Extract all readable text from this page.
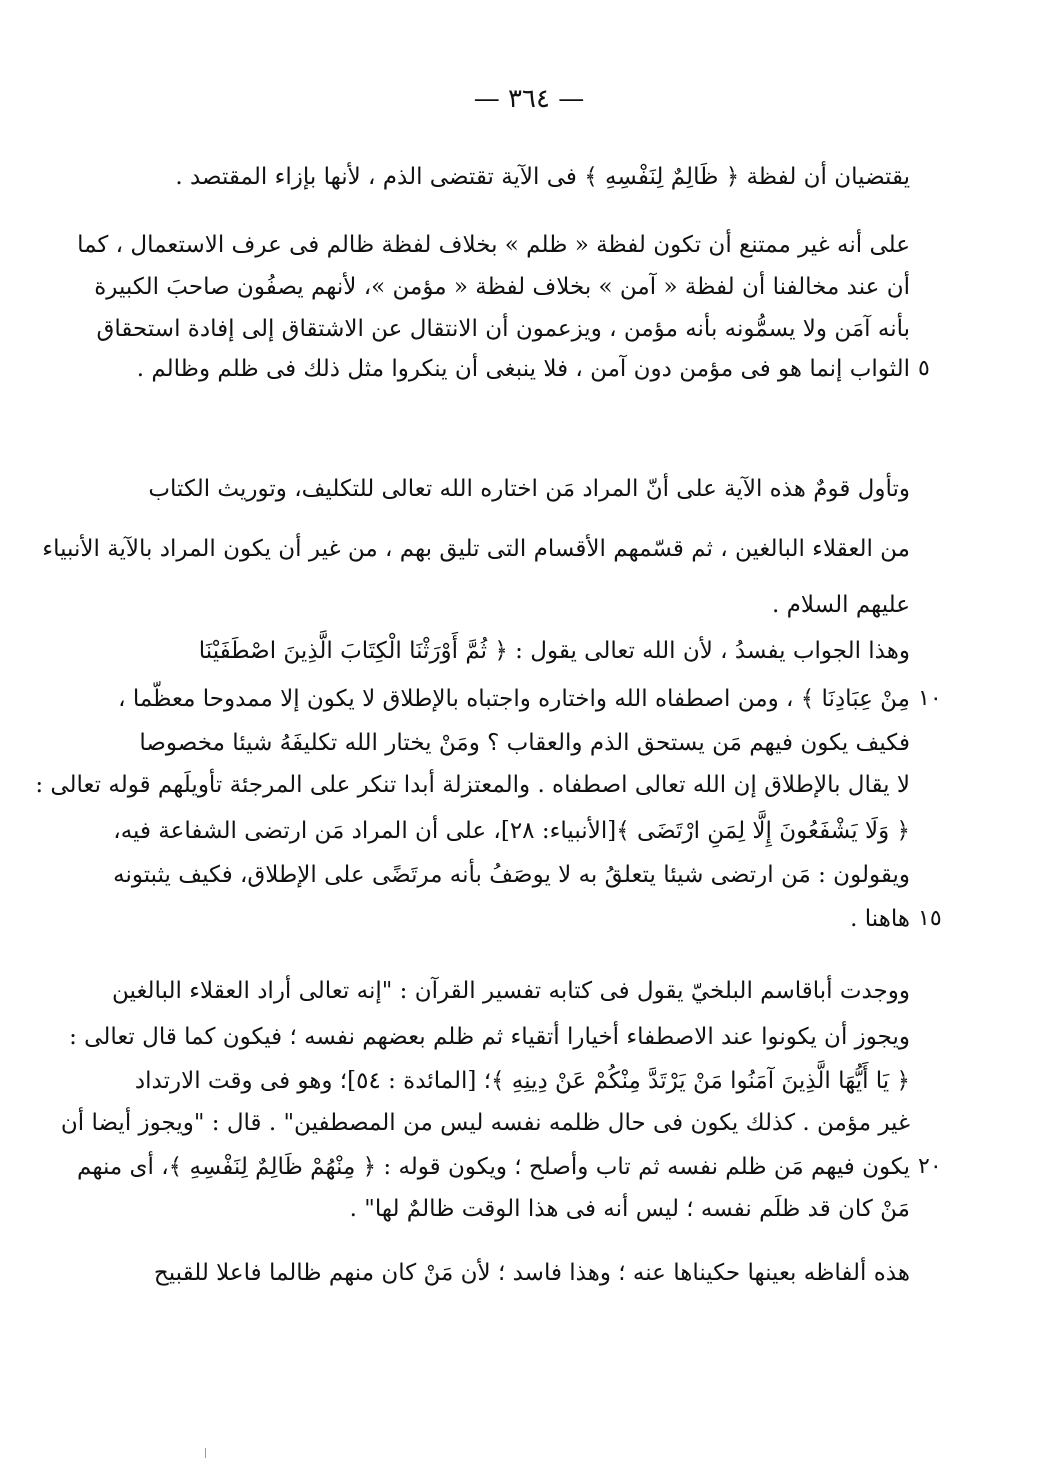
— ٣٦٤ —
يقتضيان أن لفظة ﴿ ظَالِمٌ لِنَفْسِهِ ﴾ فى الآية تقتضى الذم ، لأنها بإزاء المقتصد .
على أنه غير ممتنع أن تكون لفظة « ظلم » بخلاف لفظة ظالم فى عرف الاستعمال ، كما
أن عند مخالفنا أن لفظة « آمن » بخلاف لفظة « مؤمن »، لأنهم يصفُون صاحبَ الكبيرة
بأنه آمَن ولا يسمُّونه بأنه مؤمن ، ويزعمون أن الانتقال عن الاشتقاق إلى إفادة استحقاق
الثواب إنما هو فى مؤمن دون آمن ، فلا ينبغى أن ينكروا مثل ذلك فى ظلم وظالم .
وتأول قومٌ هذه الآية على أنّ المراد مَن اختاره الله تعالى للتكليف، وتوريث الكتاب
من العقلاء البالغين ، ثم قسّمهم الأقسام التى تليق بهم ، من غير أن يكون المراد بالآية الأنبياء
عليهم السلام .
وهذا الجواب يفسدُ ، لأن الله تعالى يقول : ﴿ ثُمَّ أَوْرَثْنَا الْكِتَابَ الَّذِينَ اصْطَفَيْنَا
مِنْ عِبَادِنَا ﴾ ، ومن اصطفاه الله واختاره واجتباه بالإطلاق لا يكون إلا ممدوحا معظّما ،
فكيف يكون فيهم مَن يستحق الذم والعقاب ؟ ومَنْ يختار الله تكليفَهُ شيئا مخصوصا
لا يقال بالإطلاق إن الله تعالى اصطفاه . والمعتزلة أبدا تنكر على المرجئة تأويلَهم قوله تعالى :
﴿ وَلَا يَشْفَعُونَ إِلَّا لِمَنِ ارْتَضَى ﴾[الأنبياء: ٢٨]، على أن المراد مَن ارتضى الشفاعة فيه،
ويقولون : مَن ارتضى شيئا يتعلقُ به لا يوصَفُ بأنه مرتَضًى على الإطلاق، فكيف يثبتونه
هاهنا .
ووجدت أباقاسم البلخيّ يقول فى كتابه تفسير القرآن : "إنه تعالى أراد العقلاء البالغين
ويجوز أن يكونوا عند الاصطفاء أخيارا أتقياء ثم ظلم بعضهم نفسه ؛ فيكون كما قال تعالى :
﴿ يَا أَيُّهَا الَّذِينَ آمَنُوا مَنْ يَرْتَدَّ مِنْكُمْ عَنْ دِينِهِ ﴾؛ [المائدة : ٥٤]؛ وهو فى وقت الارتداد
غير مؤمن . كذلك يكون فى حال ظلمه نفسه ليس من المصطفين" . قال : "ويجوز أيضا أن
يكون فيهم مَن ظلم نفسه ثم تاب وأصلح ؛ ويكون قوله : ﴿ مِنْهُمْ ظَالِمٌ لِنَفْسِهِ ﴾، أى منهم
مَنْ كان قد ظلَم نفسه ؛ ليس أنه فى هذا الوقت ظالمٌ لها" .
هذه ألفاظه بعينها حكيناها عنه ؛ وهذا فاسد ؛ لأن مَنْ كان منهم ظالما فاعلا للقبيح
٥
١٠
١٥
٢٠
